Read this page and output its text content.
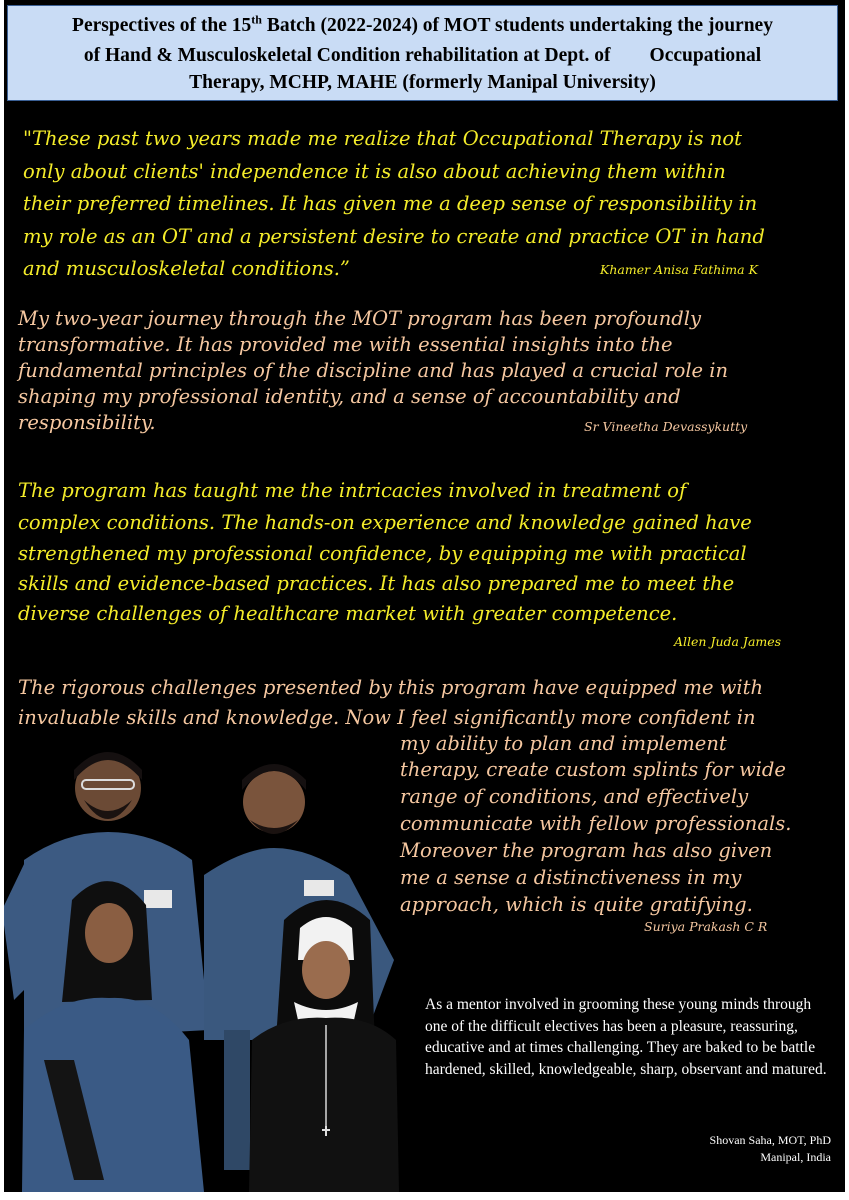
Perspectives of the 15th Batch (2022-2024) of MOT students undertaking the journey
of Hand & Musculoskeletal Condition rehabilitation at Dept. of        Occupational
Therapy, MCHP, MAHE (formerly Manipal University)
"These past two years made me realize that Occupational Therapy is not
only about clients' independence it is also about achieving them within
their preferred timelines. It has given me a deep sense of responsibility in
my role as an OT and a persistent desire to create and practice OT in hand
and musculoskeletal conditions.”	Khamer Anisa Fathima K
My two-year journey through the MOT program has been profoundly
transformative. It has provided me with essential insights into the
fundamental principles of the discipline and has played a crucial role in
shaping my professional identity, and a sense of accountability and
responsibility.	Sr Vineetha Devassykutty
The program has taught me the intricacies involved in treatment of
complex conditions. The hands-on experience and knowledge gained have
strengthened my professional confidence, by equipping me with practical
skills and evidence-based practices. It has also prepared me to meet the
diverse challenges of healthcare market with greater competence.
Allen Juda James
The rigorous challenges presented by this program have equipped me with
invaluable skills and knowledge. Now I feel significantly more confident in
my ability to plan and implement
therapy, create custom splints for wide
range of conditions, and effectively
communicate with fellow professionals.
Moreover the program has also given
me a sense a distinctiveness in my
approach, which is quite gratifying.
Suriya Prakash C R
As a mentor involved in grooming these young minds through one of the difficult electives has been a pleasure, reassuring, educative and at times challenging. They are baked to be battle hardened, skilled, knowledgeable, sharp, observant and matured.
Shovan Saha, MOT, PhD
Manipal, India
